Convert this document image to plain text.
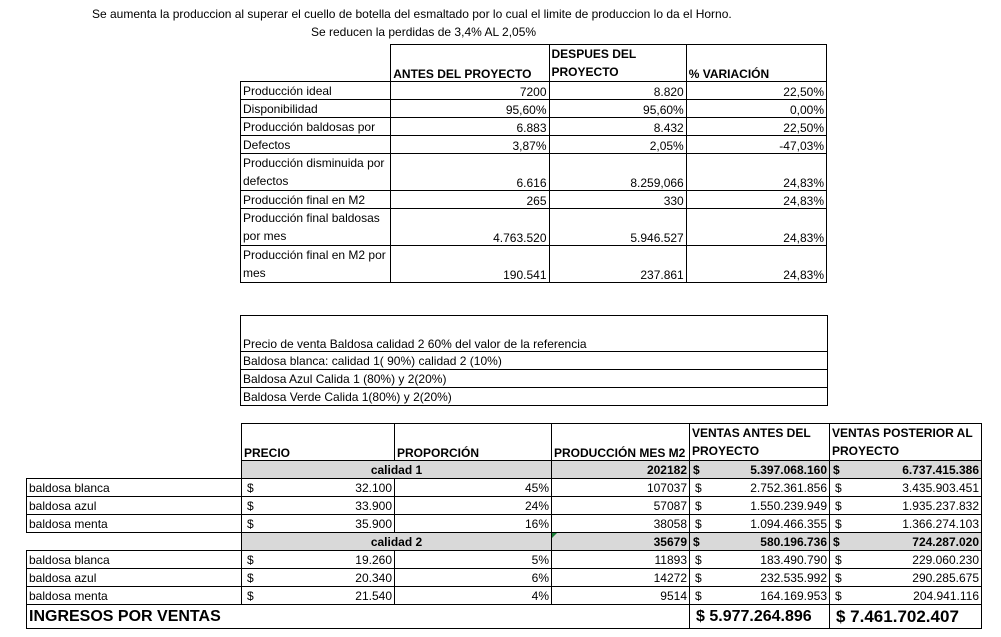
Se aumenta la produccion al superar el cuello de botella del esmaltado por lo cual el limite de produccion lo da el Horno.
Se reducen la perdidas de 3,4% AL 2,05%
	ANTES DEL PROYECTO	DESPUES DEL PROYECTO	% VARIACIÓN
Producción ideal	7200	8.820	22,50%
Disponibilidad	95,60%	95,60%	0,00%
Producción baldosas por	6.883	8.432	22,50%
Defectos	3,87%	2,05%	-47,03%
Producción disminuida por defectos	6.616	8.259,066	24,83%
Producción final en M2	265	330	24,83%
Producción final baldosas por mes	4.763.520	5.946.527	24,83%
Producción final en M2 por mes	190.541	237.861	24,83%
Precio de venta Baldosa calidad 2 60% del valor de la referencia
Baldosa blanca: calidad 1( 90%) calidad 2 (10%)
Baldosa Azul Calida 1 (80%) y 2(20%)
Baldosa Verde Calida 1(80%) y 2(20%)
	PRECIO	PROPORCIÓN	PRODUCCIÓN MES M2	VENTAS ANTES DEL PROYECTO	VENTAS POSTERIOR AL PROYECTO
	calidad 1		202182	$ 5.397.068.160	$ 6.737.415.386
baldosa blanca	$ 32.100	45%	107037	$ 2.752.361.856	$ 3.435.903.451
baldosa azul	$ 33.900	24%	57087	$ 1.550.239.949	$ 1.935.237.832
baldosa menta	$ 35.900	16%	38058	$ 1.094.466.355	$ 1.366.274.103
	calidad 2		35679	$ 580.196.736	$ 724.287.020
baldosa blanca	$ 19.260	5%	11893	$ 183.490.790	$ 229.060.230
baldosa azul	$ 20.340	6%	14272	$ 232.535.992	$ 290.285.675
baldosa menta	$ 21.540	4%	9514	$ 164.169.953	$ 204.941.116
INGRESOS POR VENTAS				$ 5.977.264.896	$ 7.461.702.407
